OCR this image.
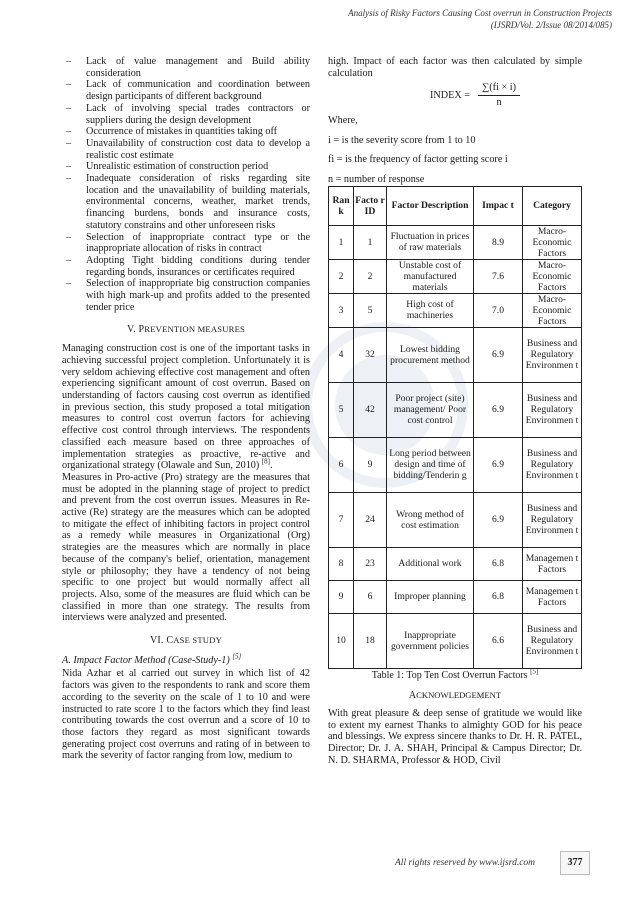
Analysis of Risky Factors Causing Cost overrun in Construction Projects
(IJSRD/Vol. 2/Issue 08/2014/085)
– Lack of value management and Build ability consideration
– Lack of communication and coordination between design participants of different background
– Lack of involving special trades contractors or suppliers during the design development
– Occurrence of mistakes in quantities taking off
– Unavailability of construction cost data to develop a realistic cost estimate
– Unrealistic estimation of construction period
– Inadequate consideration of risks regarding site location and the unavailability of building materials, environmental concerns, weather, market trends, financing burdens, bonds and insurance costs, statutory constrains and other unforeseen risks
– Selection of inappropriate contract type or the inappropriate allocation of risks in contract
– Adopting Tight bidding conditions during tender regarding bonds, insurances or certificates required
– Selection of inappropriate big construction companies with high mark-up and profits added to the presented tender price
V. PREVENTION MEASURES

Managing construction cost is one of the important tasks in achieving successful project completion. Unfortunately it is very seldom achieving effective cost management and often experiencing significant amount of cost overrun. Based on understanding of factors causing cost overrun as identified in previous section, this study proposed a total mitigation measures to control cost overrun factors for achieving effective cost control through interviews. The respondents classified each measure based on three approaches of implementation strategies as proactive, re-active and organizational strategy (Olawale and Sun, 2010) [8].

Measures in Pro-active (Pro) strategy are the measures that must be adopted in the planning stage of project to predict and prevent from the cost overrun issues. Measures in Re-active (Re) strategy are the measures which can be adopted to mitigate the effect of inhibiting factors in project control as a remedy while measures in Organizational (Org) strategies are the measures which are normally in place because of the company's belief, orientation, management style or philosophy; they have a tendency of not being specific to one project but would normally affect all projects. Also, some of the measures are fluid which can be classified in more than one strategy. The results from interviews were analyzed and presented.

VI. CASE STUDY
A. Impact Factor Method (Case-Study-1) [5]

Nida Azhar et al carried out survey in which list of 42 factors was given to the respondents to rank and score them according to the severity on the scale of 1 to 10 and were instructed to rate score 1 to the factors which they find least contributing towards the cost overrun and a score of 10 to those factors they regard as most significant towards generating project cost overruns and rating of in between to mark the severity of factor ranging from low, medium to

high. Impact of each factor was then calculated by simple calculation

INDEX = $\frac{\sum(fi \times i)}{n}$

Where,

i = is the severity score from 1 to 10

fi = is the frequency of factor getting score i

n = number of response

Ran k	Facto r ID	Factor Description	Impac t	Category
1	1	Fluctuation in prices of raw materials	8.9	Macro-Economic Factors
2	2	Unstable cost of manufactured materials	7.6	Macro-Economic Factors
3	5	High cost of machineries	7.0	Macro-Economic Factors
4	32	Lowest bidding procurement method	6.9	Business and Regulatory Environmen t
5	42	Poor project (site) management/ Poor cost control	6.9	Business and Regulatory Environmen t
6	9	Long period between design and time of bidding/Tenderin g	6.9	Business and Regulatory Environmen t
7	24	Wrong method of cost estimation	6.9	Business and Regulatory Environmen t
8	23	Additional work	6.8	Managemen t Factors
9	6	Improper planning	6.8	Managemen t Factors
10	18	Inappropriate government policies	6.6	Business and Regulatory Environmen t
Table 1: Top Ten Cost Overrun Factors [5]
ACKNOWLEDGEMENT

With great pleasure & deep sense of gratitude we would like to extent my earnest Thanks to almighty GOD for his peace and blessings. We express sincere thanks to Dr. H. R. PATEL, Director; Dr. J. A. SHAH, Principal & Campus Director; Dr. N. D. SHARMA, Professor & HOD, Civil

All rights reserved by www.ijsrd.com	377
